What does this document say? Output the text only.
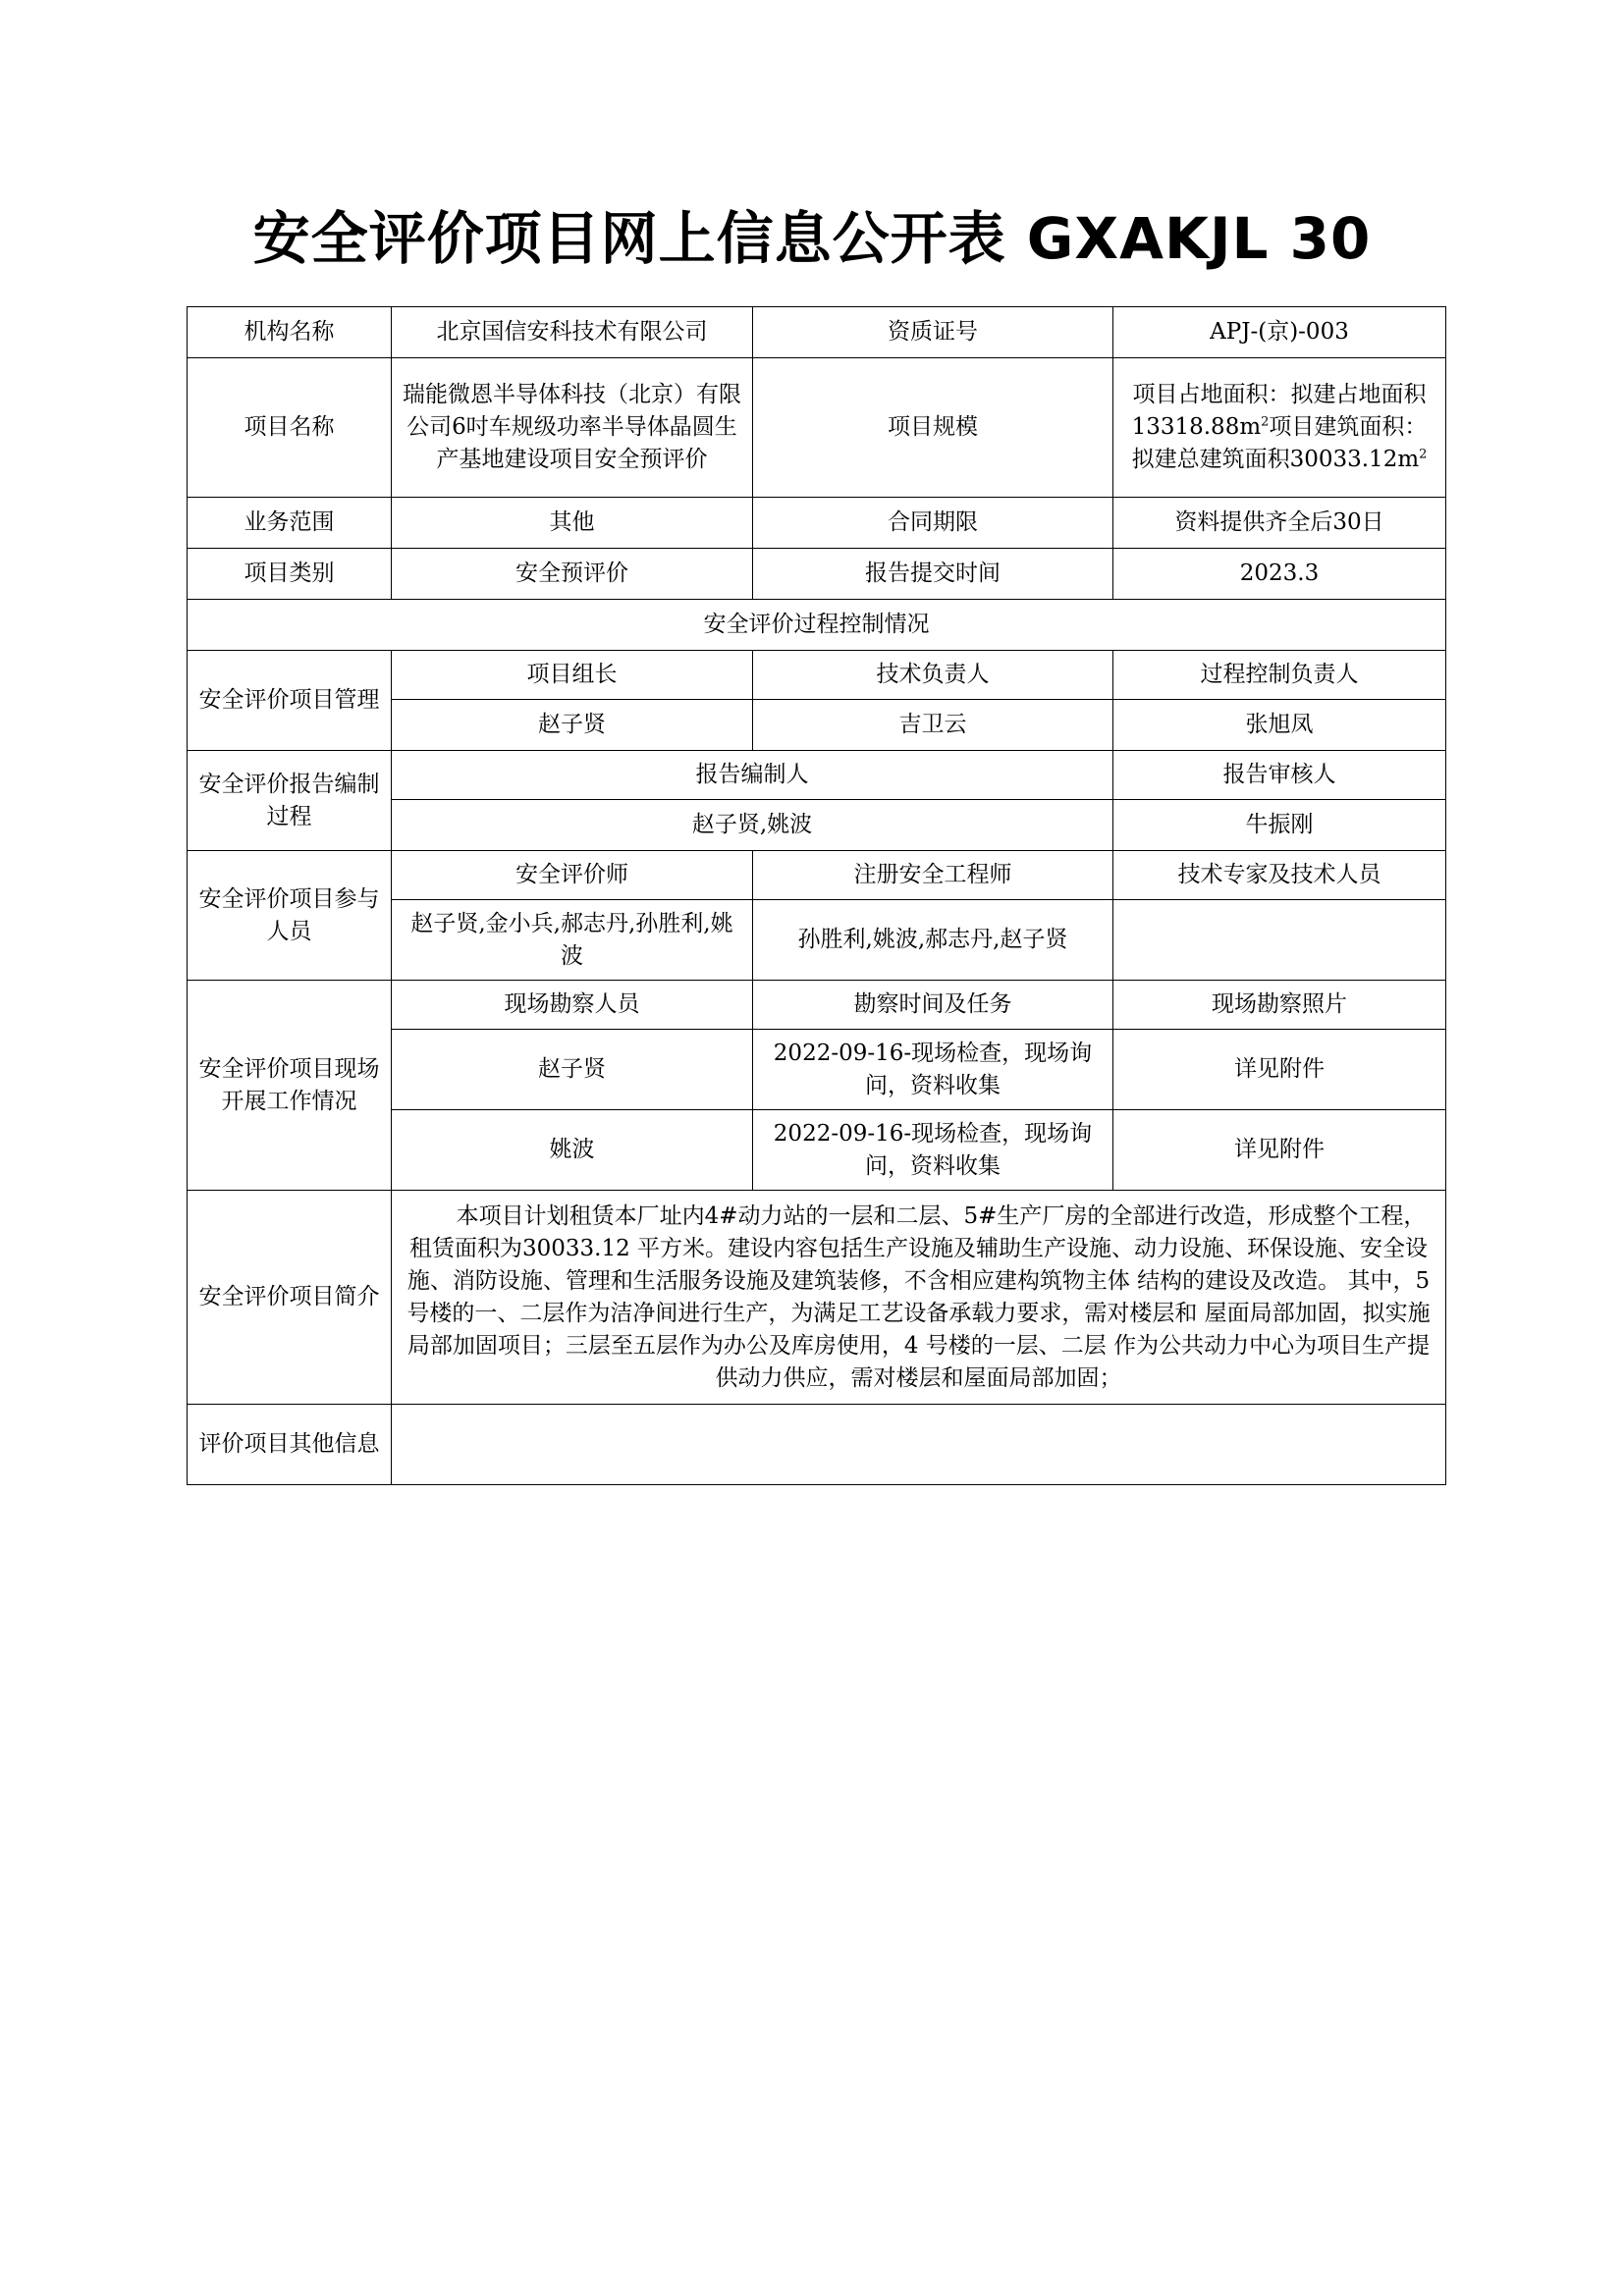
安全评价项目网上信息公开表 GXAKJL 30
机构名称	北京国信安科技术有限公司	资质证号	APJ-(京)-003
项目名称	瑞能微恩半导体科技（北京）有限公司6吋车规级功率半导体晶圆生产基地建设项目安全预评价	项目规模	项目占地面积：拟建占地面积$13318.88m^2$项目建筑面积：拟建总建筑面积$30033.12m^2$
业务范围	其他	合同期限	资料提供齐全后30日
项目类别	安全预评价	报告提交时间	2023.3
安全评价过程控制情况			
安全评价项目管理	项目组长	技术负责人	过程控制负责人
	赵子贤	吉卫云	张旭凤
安全评价报告编制过程	报告编制人		报告审核人
	赵子贤,姚波		牛振刚
安全评价项目参与人员	安全评价师	注册安全工程师	技术专家及技术人员
	赵子贤,金小兵,郝志丹,孙胜利,姚波	孙胜利,姚波,郝志丹,赵子贤	
安全评价项目现场开展工作情况	现场勘察人员	勘察时间及任务	现场勘察照片
	赵子贤	2022-09-16-现场检查，现场询问，资料收集	详见附件
	姚波	2022-09-16-现场检查，现场询问，资料收集	详见附件
安全评价项目简介	本项目计划租赁本厂址内4#动力站的一层和二层、5#生产厂房的全部进行改造，形成整个工程，租赁面积为30033.12 平方米。建设内容包括生产设施及辅助生产设施、动力设施、环保设施、安全设施、消防设施、管理和生活服务设施及建筑装修，不含相应建构筑物主体 结构的建设及改造。 其中，5 号楼的一、二层作为洁净间进行生产，为满足工艺设备承载力要求，需对楼层和 屋面局部加固，拟实施局部加固项目；三层至五层作为办公及库房使用，4 号楼的一层、二层 作为公共动力中心为项目生产提供动力供应，需对楼层和屋面局部加固；		
评价项目其他信息			
